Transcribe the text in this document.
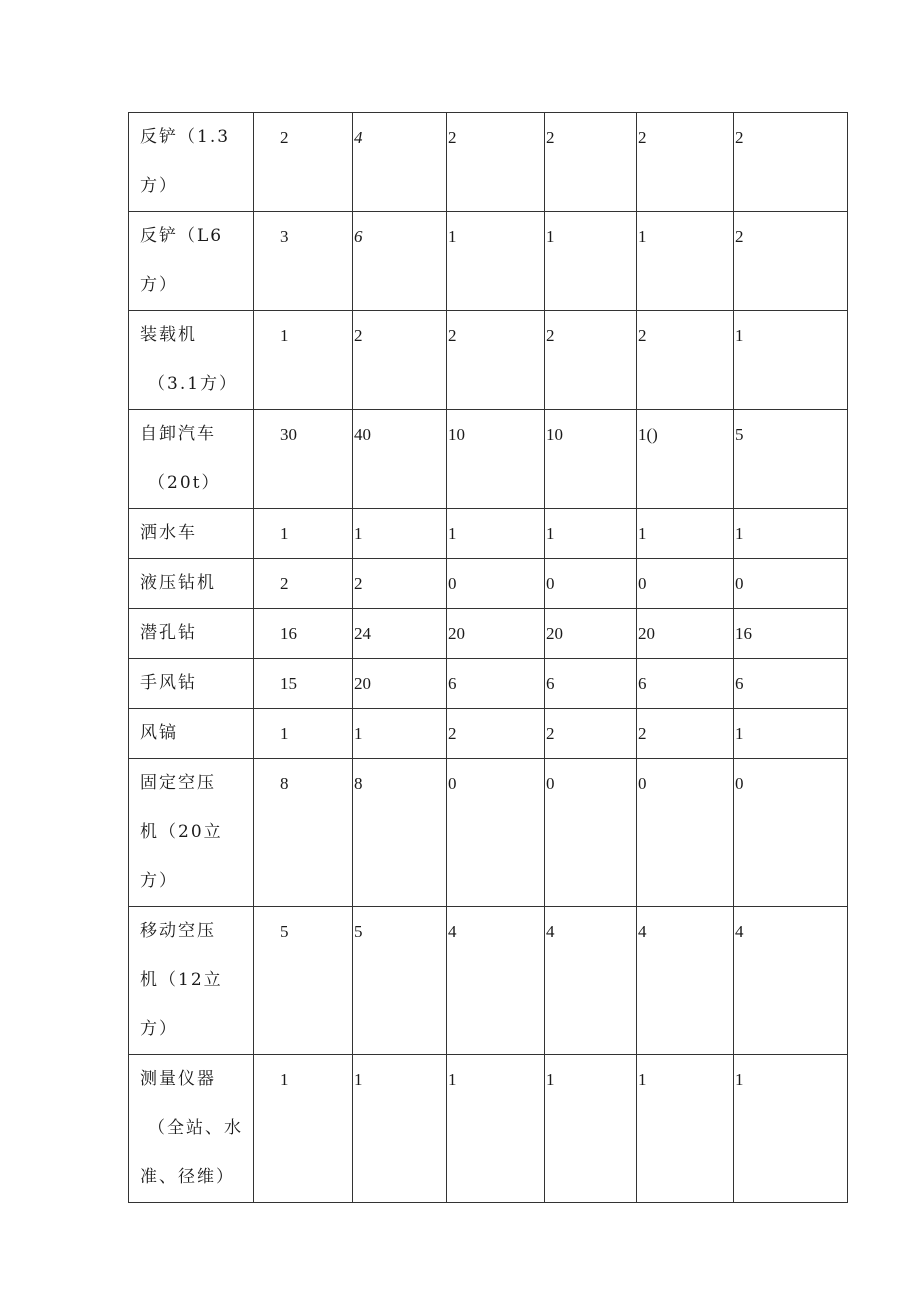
反铲（1.3
方）	2	4	2	2	2	2

反铲（L6
方）	3	6	1	1	1	2

装载机
（3.1方）	1	2	2	2	2	1

自卸汽车
（20t）	30	40	10	10	1()	5

洒水车	1	1	1	1	1	1

液压钻机	2	2	0	0	0	0

潜孔钻	16	24	20	20	20	16

手风钻	15	20	6	6	6	6

风镐	1	1	2	2	2	1

固定空压
机（20立
方）	8	8	0	0	0	0

移动空压
机（12立
方）	5	5	4	4	4	4

测量仪器
（全站、水
准、径维）	1	1	1	1	1	1
